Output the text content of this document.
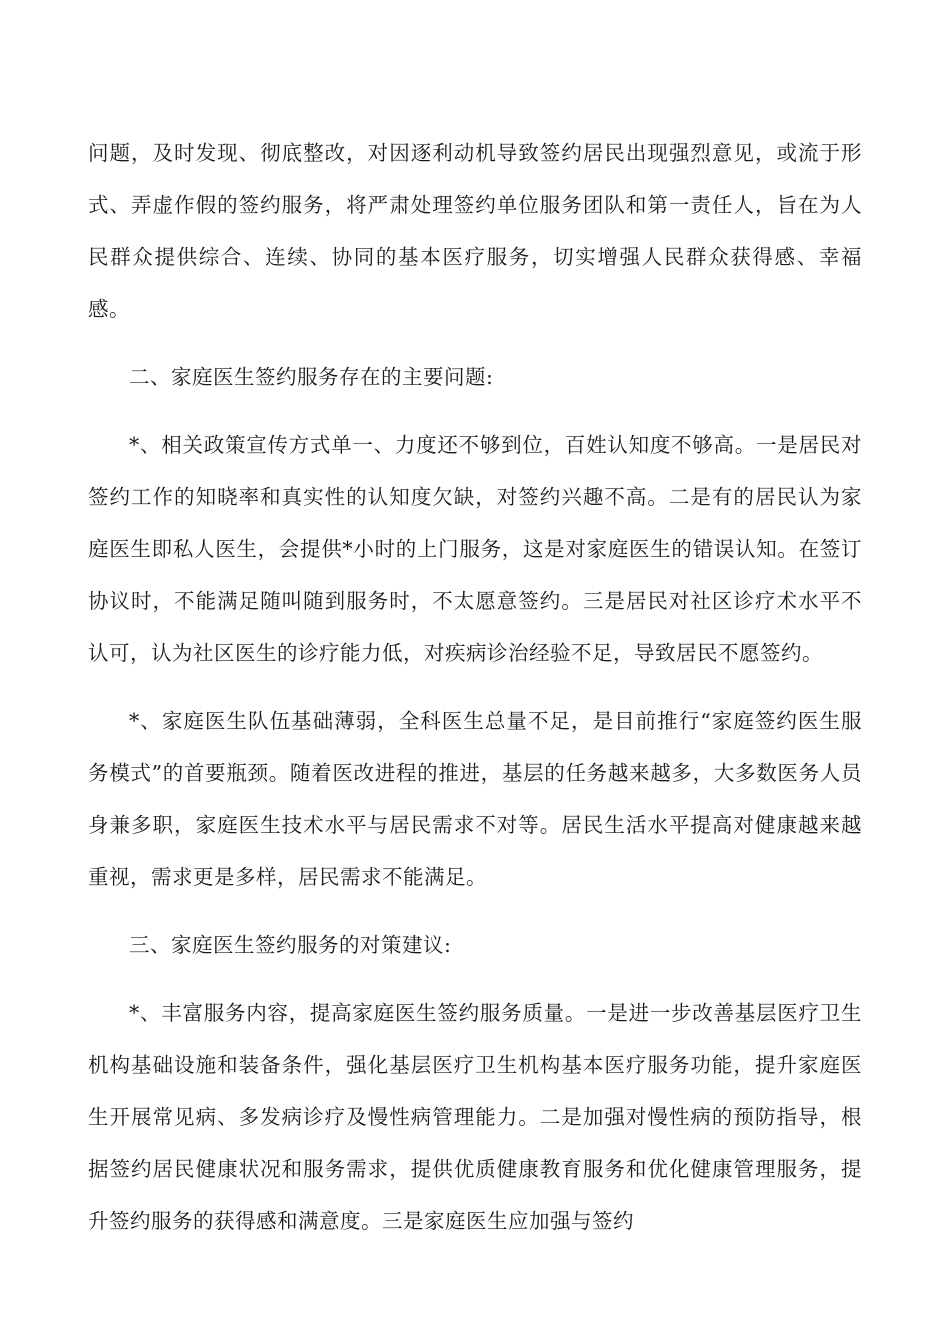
问题，及时发现、彻底整改，对因逐利动机导致签约居民出现强烈意见，或流于形式、弄虚作假的签约服务，将严肃处理签约单位服务团队和第一责任人，旨在为人民群众提供综合、连续、协同的基本医疗服务，切实增强人民群众获得感、幸福感。

二、家庭医生签约服务存在的主要问题:

*、相关政策宣传方式单一、力度还不够到位，百姓认知度不够高。一是居民对签约工作的知晓率和真实性的认知度欠缺，对签约兴趣不高。二是有的居民认为家庭医生即私人医生，会提供*小时的上门服务，这是对家庭医生的错误认知。在签订协议时，不能满足随叫随到服务时，不太愿意签约。三是居民对社区诊疗术水平不认可，认为社区医生的诊疗能力低，对疾病诊治经验不足，导致居民不愿签约。

*、家庭医生队伍基础薄弱，全科医生总量不足，是目前推行“家庭签约医生服务模式”的首要瓶颈。随着医改进程的推进，基层的任务越来越多，大多数医务人员身兼多职，家庭医生技术水平与居民需求不对等。居民生活水平提高对健康越来越重视，需求更是多样，居民需求不能满足。

三、家庭医生签约服务的对策建议:

*、丰富服务内容，提高家庭医生签约服务质量。一是进一步改善基层医疗卫生机构基础设施和装备条件，强化基层医疗卫生机构基本医疗服务功能，提升家庭医生开展常见病、多发病诊疗及慢性病管理能力。二是加强对慢性病的预防指导，根据签约居民健康状况和服务需求，提供优质健康教育服务和优化健康管理服务，提升签约服务的获得感和满意度。三是家庭医生应加强与签约
